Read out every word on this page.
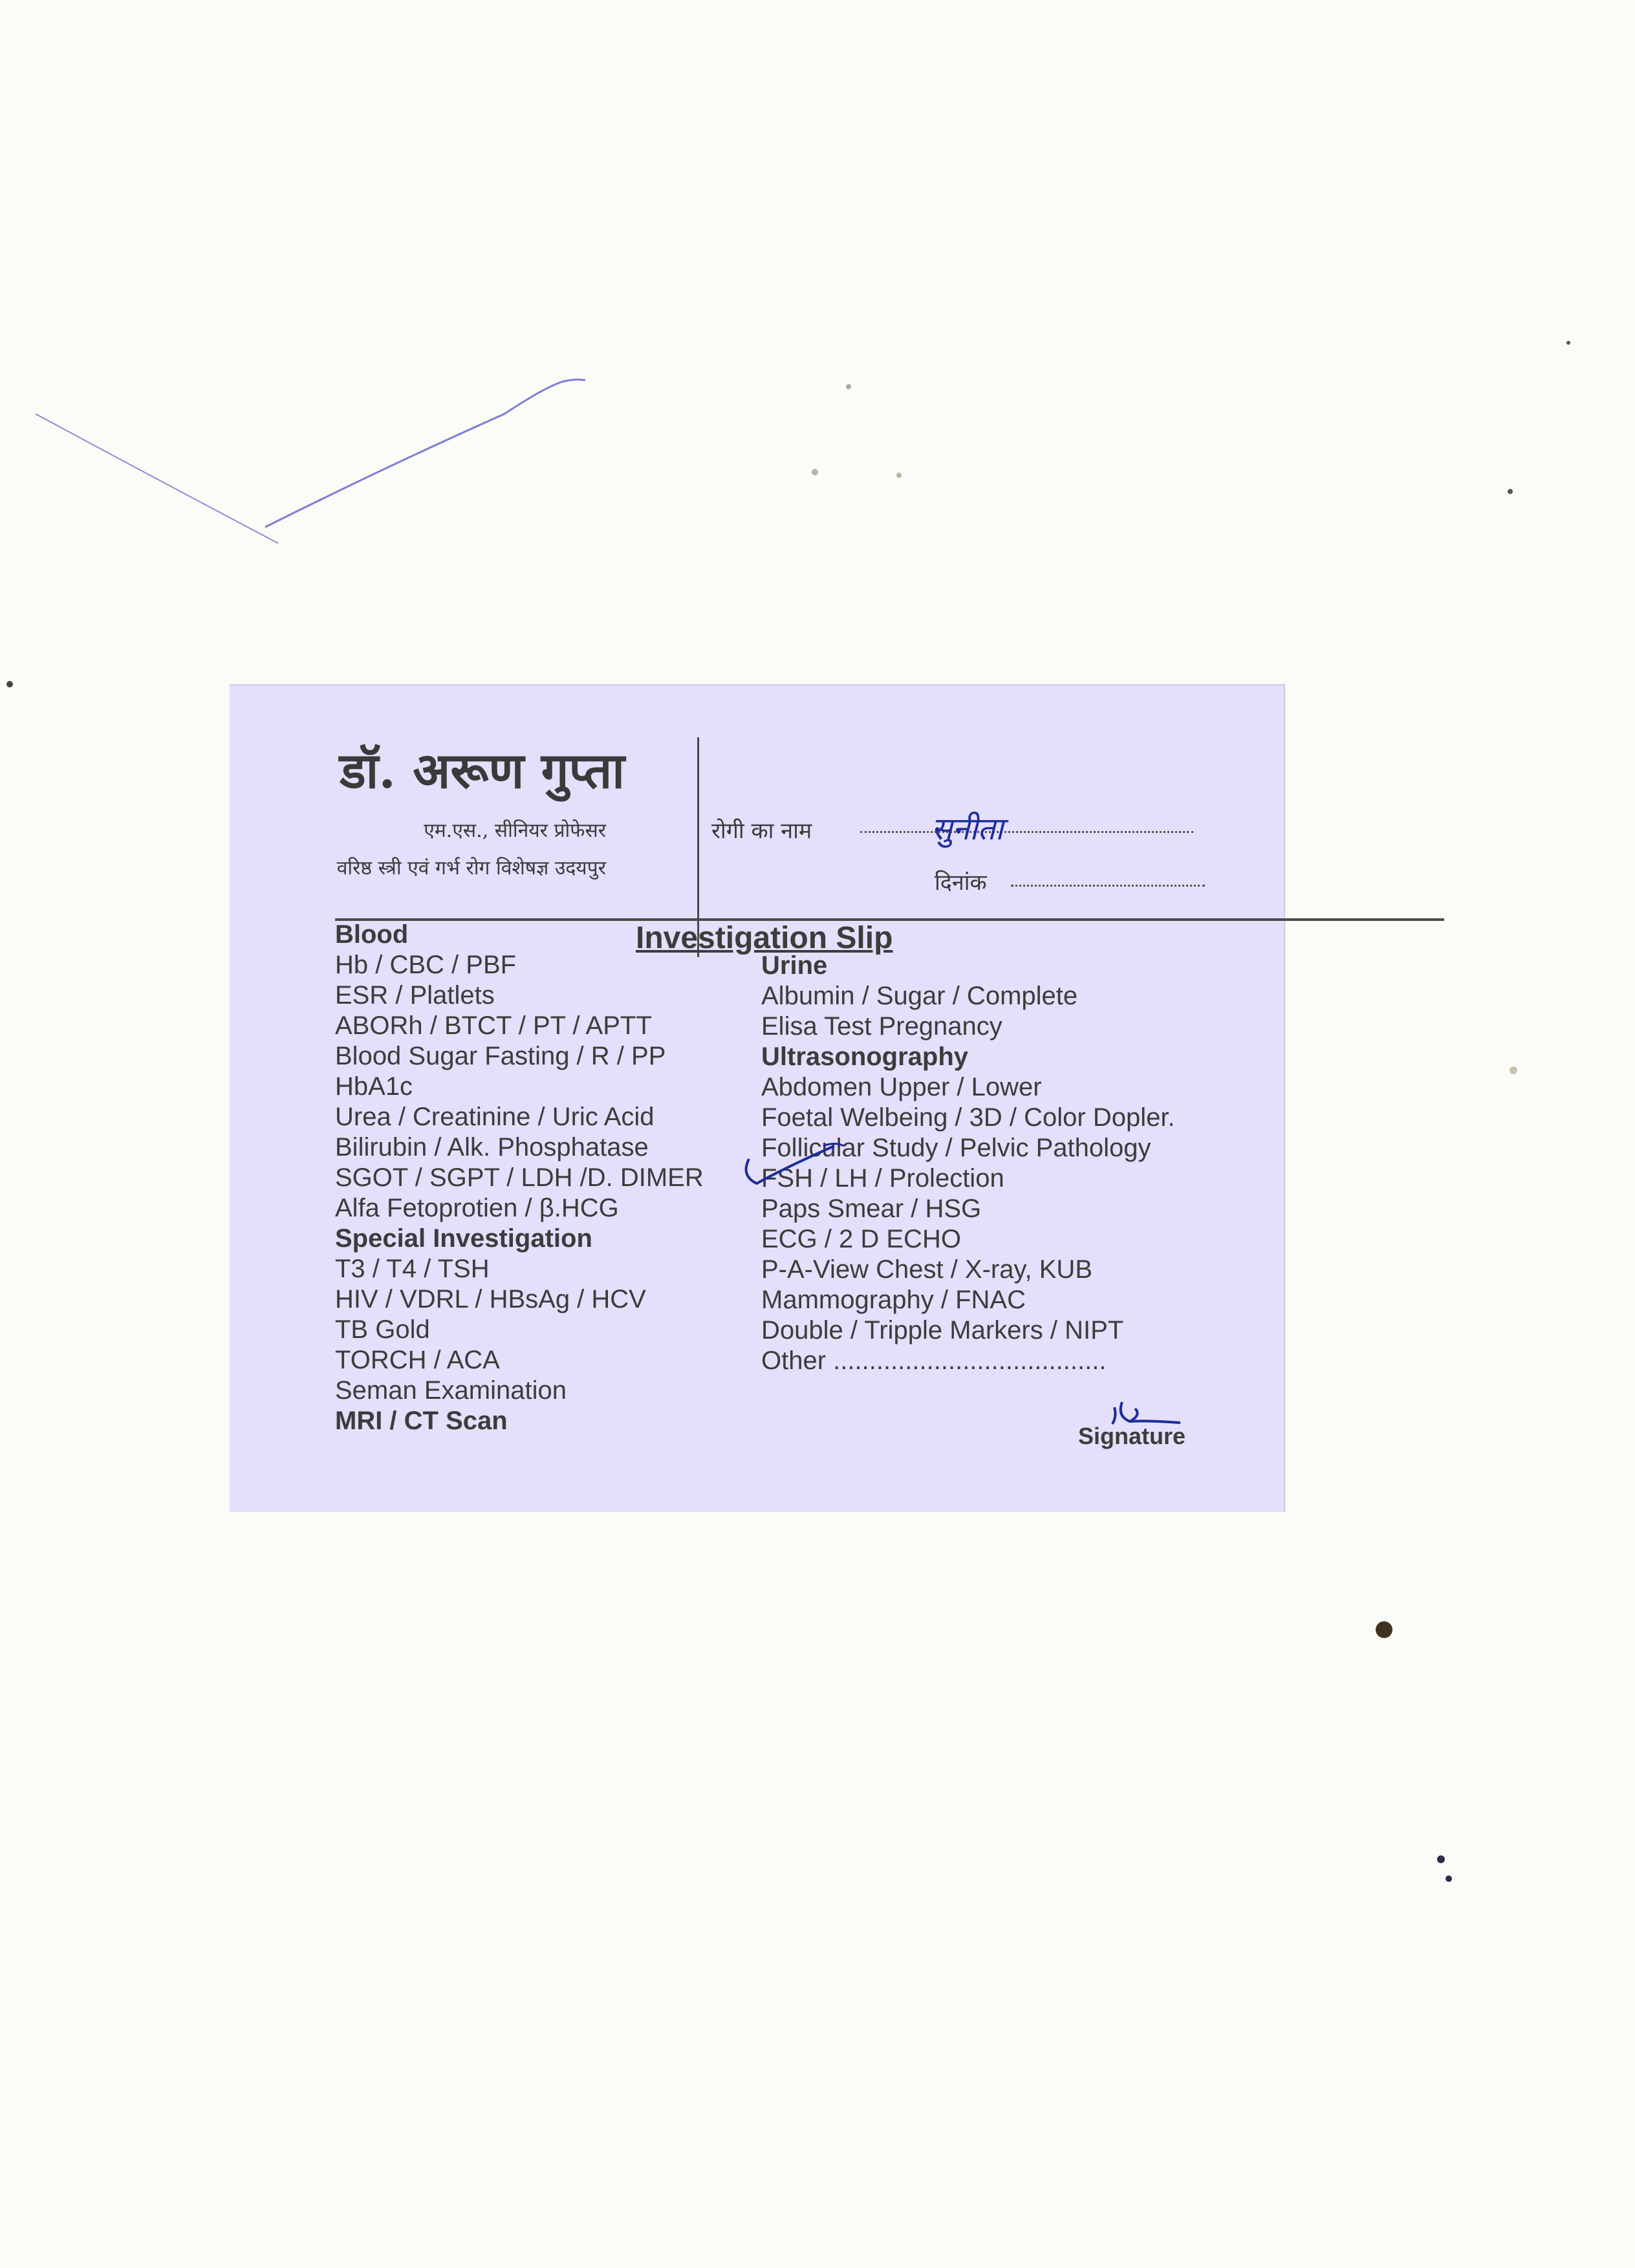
डॉ. अरूण गुप्ता
एम.एस., सीनियर प्रोफेसर
वरिष्ठ स्त्री एवं गर्भ रोग विशेषज्ञ उदयपुर
रोगी का नाम	सुनीता
दिनांक
Investigation Slip
Blood
Hb / CBC / PBF
ESR / Platlets
ABORh / BTCT / PT / APTT
Blood Sugar Fasting / R / PP
HbA1c
Urea / Creatinine / Uric Acid
Bilirubin / Alk. Phosphatase
SGOT / SGPT / LDH /D. DIMER
Alfa Fetoprotien / β.HCG
Special Investigation
T3 / T4 / TSH
HIV / VDRL / HBsAg / HCV
TB Gold
TORCH / ACA
Seman Examination
MRI / CT Scan
Urine
Albumin / Sugar / Complete
Elisa Test Pregnancy
Ultrasonography
Abdomen Upper / Lower
Foetal Welbeing / 3D / Color Dopler.
Follicular Study / Pelvic Pathology
FSH / LH / Prolection
Paps Smear / HSG
ECG / 2 D ECHO
P-A-View Chest / X-ray, KUB
Mammography / FNAC
Double / Tripple Markers / NIPT
Other ......................................
Signature
